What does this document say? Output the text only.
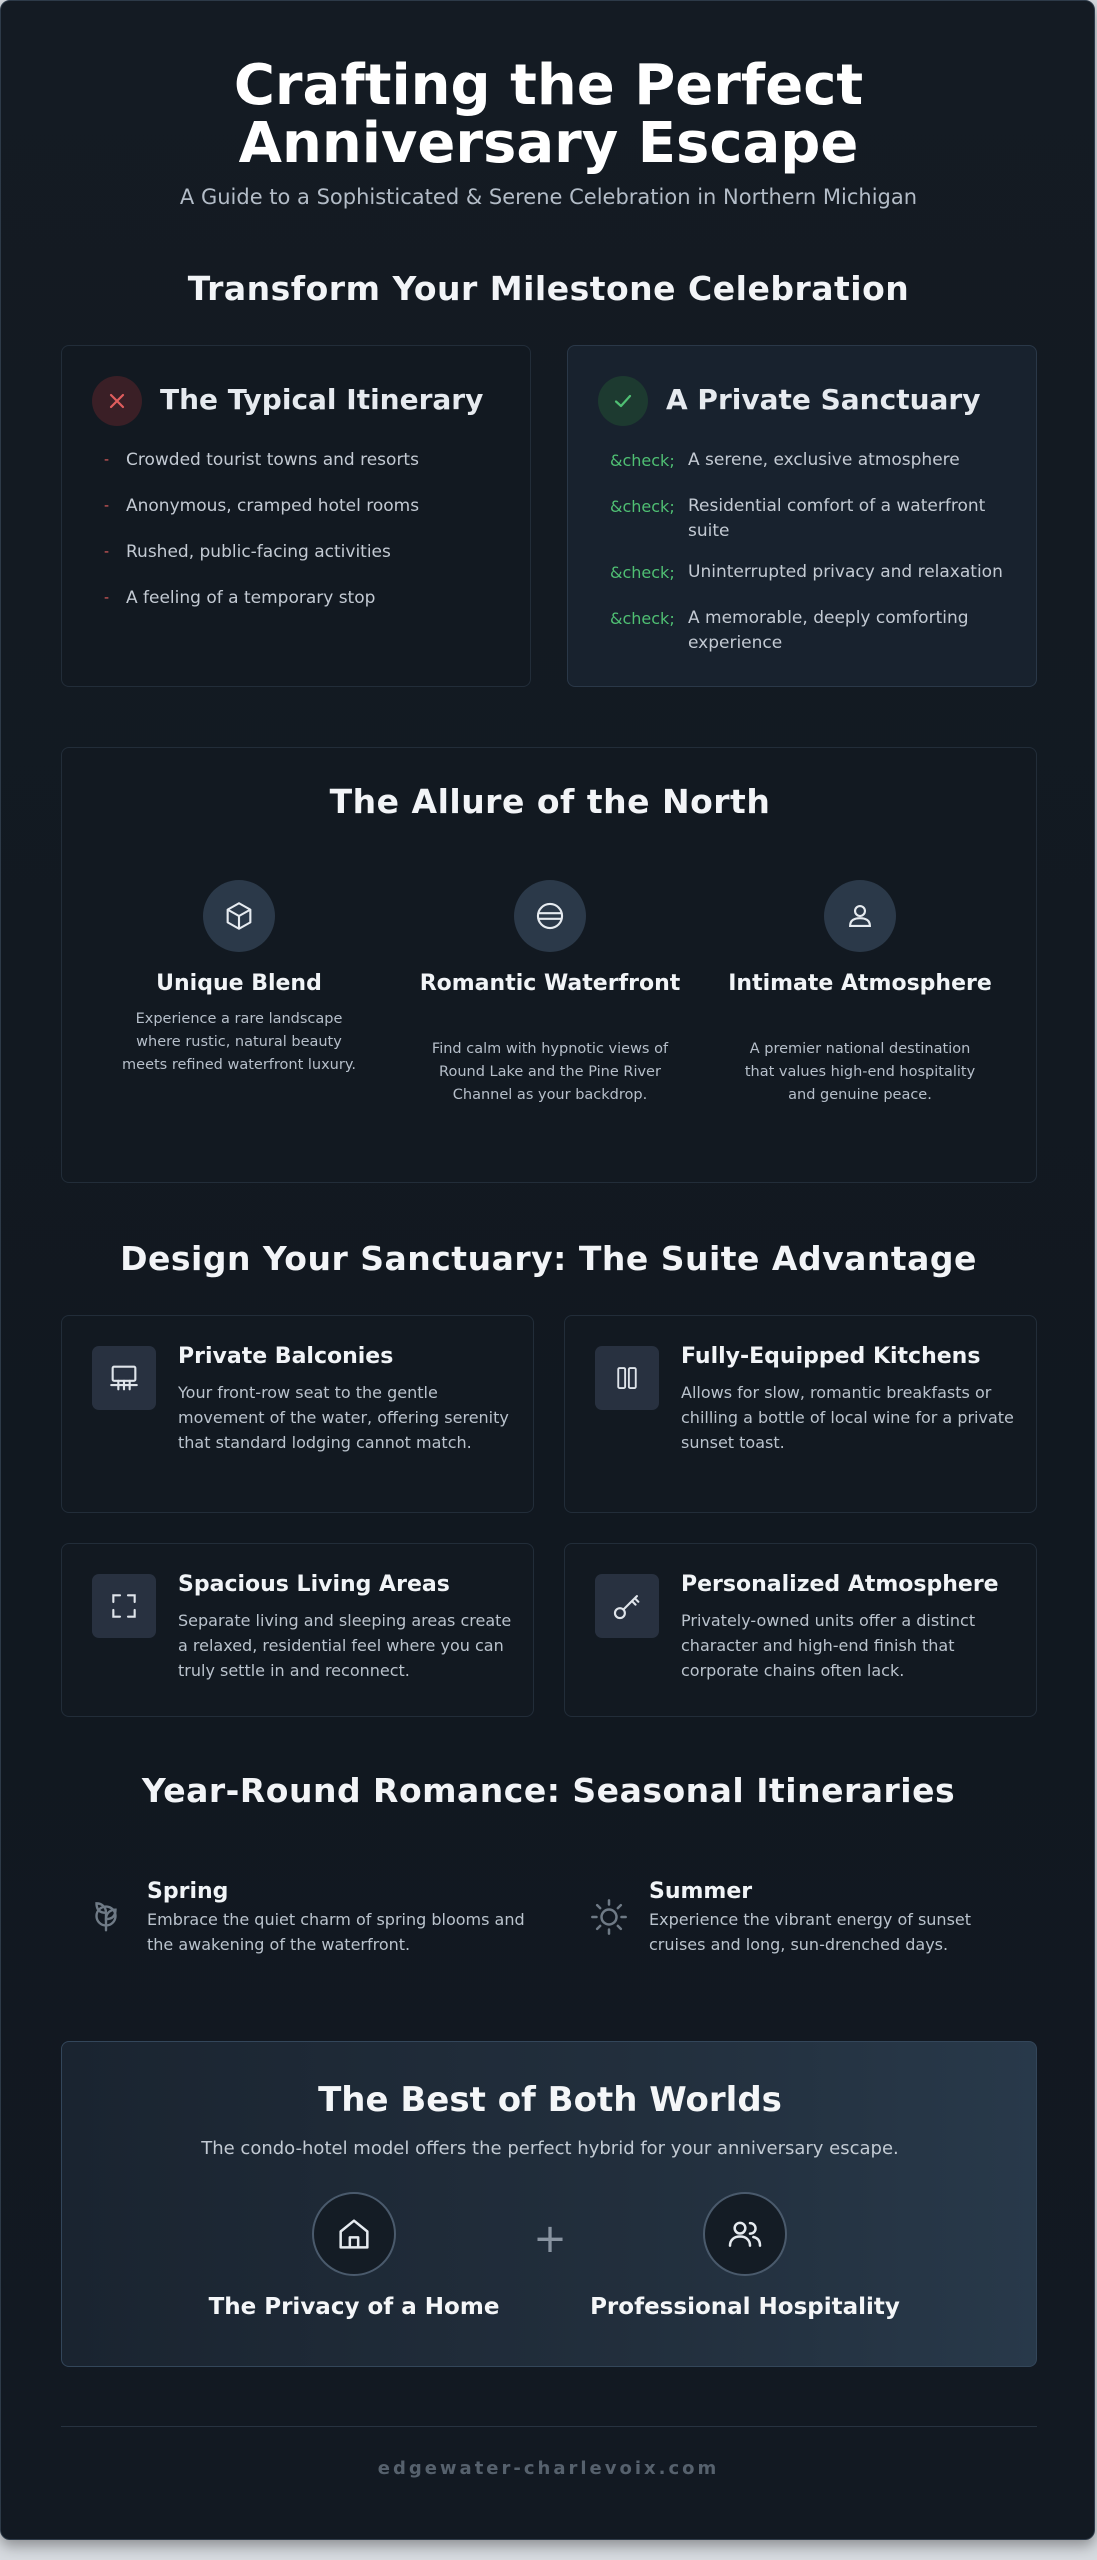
Crafting the Perfect Anniversary Escape
A Guide to a Sophisticated & Serene Celebration in Northern Michigan
Transform Your Milestone Celebration
The Typical Itinerary
- Crowded tourist towns and resorts
- Anonymous, cramped hotel rooms
- Rushed, public-facing activities
- A feeling of a temporary stop
A Private Sanctuary
&check; A serene, exclusive atmosphere
&check; Residential comfort of a waterfront suite
&check; Uninterrupted privacy and relaxation
&check; A memorable, deeply comforting experience
The Allure of the North
Unique Blend
Experience a rare landscape where rustic, natural beauty meets refined waterfront luxury.
Romantic Waterfront
Find calm with hypnotic views of Round Lake and the Pine River Channel as your backdrop.
Intimate Atmosphere
A premier national destination that values high-end hospitality and genuine peace.
Design Your Sanctuary: The Suite Advantage
Private Balconies
Your front-row seat to the gentle movement of the water, offering serenity that standard lodging cannot match.
Fully-Equipped Kitchens
Allows for slow, romantic breakfasts or chilling a bottle of local wine for a private sunset toast.
Spacious Living Areas
Separate living and sleeping areas create a relaxed, residential feel where you can truly settle in and reconnect.
Personalized Atmosphere
Privately-owned units offer a distinct character and high-end finish that corporate chains often lack.
Year-Round Romance: Seasonal Itineraries
Spring
Embrace the quiet charm of spring blooms and the awakening of the waterfront.
Summer
Experience the vibrant energy of sunset cruises and long, sun-drenched days.
The Best of Both Worlds
The condo-hotel model offers the perfect hybrid for your anniversary escape.
The Privacy of a Home
+
Professional Hospitality
edgewater-charlevoix.com
